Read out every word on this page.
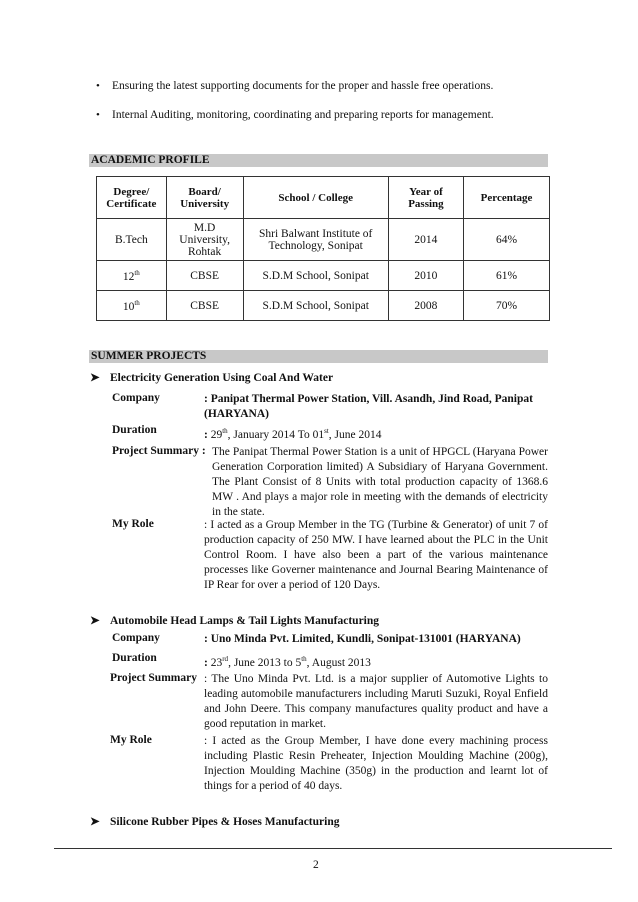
• Ensuring the latest supporting documents for the proper and hassle free operations.
• Internal Auditing, monitoring, coordinating and preparing reports for management.
ACADEMIC PROFILE
Degree/ Certificate	Board/ University	School / College	Year of Passing	Percentage
B.Tech	M.D University, Rohtak	Shri Balwant Institute of Technology, Sonipat	2014	64%
12th	CBSE	S.D.M School, Sonipat	2010	61%
10th	CBSE	S.D.M School, Sonipat	2008	70%
SUMMER PROJECTS
➤ Electricity Generation Using Coal And Water
Company	: Panipat Thermal Power Station, Vill. Asandh, Jind Road, Panipat (HARYANA)
Duration	: 29th, January 2014 To 01st, June 2014
Project Summary : The Panipat Thermal Power Station is a unit of HPGCL (Haryana Power Generation Corporation limited) A Subsidiary of Haryana Government. The Plant Consist of 8 Units with total production capacity of 1368.6 MW . And plays a major role in meeting with the demands of electricity in the state.
My Role	: I acted as a Group Member in the TG (Turbine & Generator) of unit 7 of production capacity of 250 MW. I have learned about the PLC in the Unit Control Room. I have also been a part of the various maintenance processes like Governer maintenance and Journal Bearing Maintenance of IP Rear for over a period of 120 Days.
➤ Automobile Head Lamps & Tail Lights Manufacturing
Company	: Uno Minda Pvt. Limited, Kundli, Sonipat-131001 (HARYANA)
Duration	: 23rd, June 2013 to 5th, August 2013
Project Summary : The Uno Minda Pvt. Ltd. is a major supplier of Automotive Lights to leading automobile manufacturers including Maruti Suzuki, Royal Enfield and John Deere. This company manufactures quality product and have a good reputation in market.
My Role	: I acted as the Group Member, I have done every machining process including Plastic Resin Preheater, Injection Moulding Machine (200g), Injection Moulding Machine (350g) in the production and learnt lot of things for a period of 40 days.
➤ Silicone Rubber Pipes & Hoses Manufacturing
2
